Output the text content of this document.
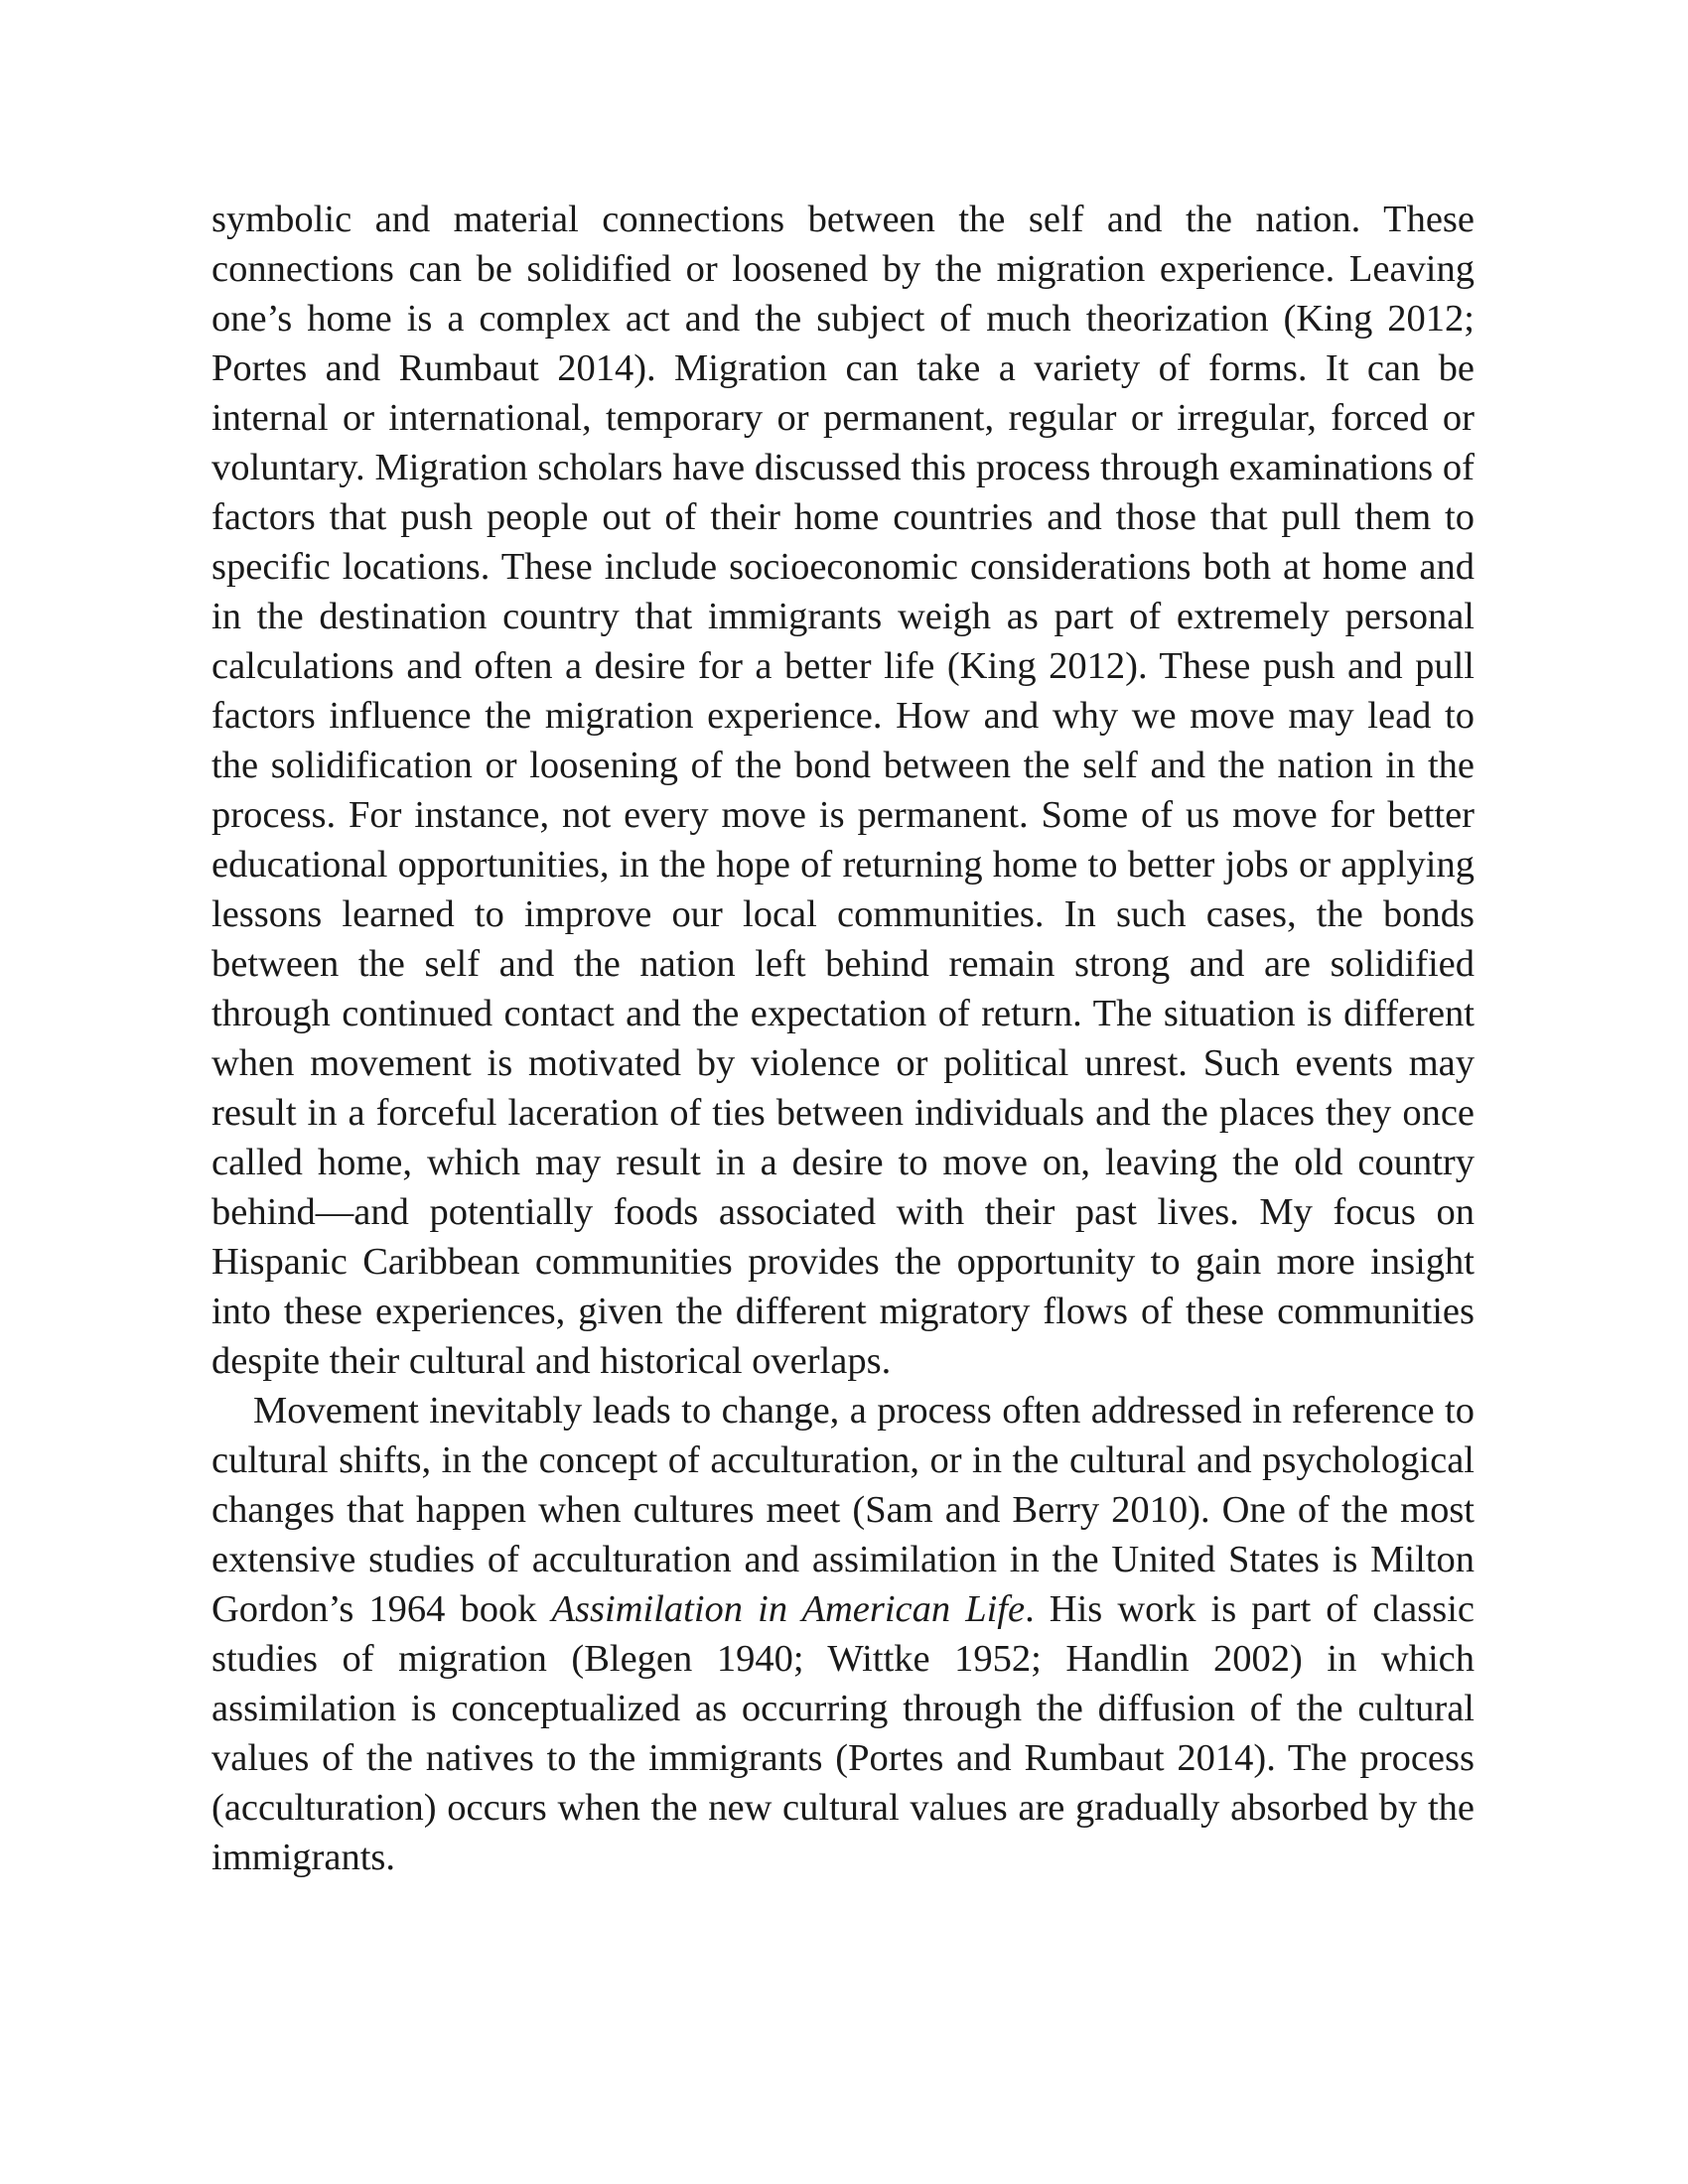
symbolic and material connections between the self and the nation. These connections can be solidified or loosened by the migration experience. Leaving one’s home is a complex act and the subject of much theorization (King 2012; Portes and Rumbaut 2014). Migration can take a variety of forms. It can be internal or international, temporary or permanent, regular or irregular, forced or voluntary. Migration scholars have discussed this process through examinations of factors that push people out of their home countries and those that pull them to specific locations. These include socioeconomic considerations both at home and in the destination country that immigrants weigh as part of extremely personal calculations and often a desire for a better life (King 2012). These push and pull factors influence the migration experience. How and why we move may lead to the solidification or loosening of the bond between the self and the nation in the process. For instance, not every move is permanent. Some of us move for better educational opportunities, in the hope of returning home to better jobs or applying lessons learned to improve our local communities. In such cases, the bonds between the self and the nation left behind remain strong and are solidified through continued contact and the expectation of return. The situation is different when movement is motivated by violence or political unrest. Such events may result in a forceful laceration of ties between individuals and the places they once called home, which may result in a desire to move on, leaving the old country behind—and potentially foods associated with their past lives. My focus on Hispanic Caribbean communities provides the opportunity to gain more insight into these experiences, given the different migratory flows of these communities despite their cultural and historical overlaps.

Movement inevitably leads to change, a process often addressed in reference to cultural shifts, in the concept of acculturation, or in the cultural and psychological changes that happen when cultures meet (Sam and Berry 2010). One of the most extensive studies of acculturation and assimilation in the United States is Milton Gordon’s 1964 book Assimilation in American Life. His work is part of classic studies of migration (Blegen 1940; Wittke 1952; Handlin 2002) in which assimilation is conceptualized as occurring through the diffusion of the cultural values of the natives to the immigrants (Portes and Rumbaut 2014). The process (acculturation) occurs when the new cultural values are gradually absorbed by the immigrants.
